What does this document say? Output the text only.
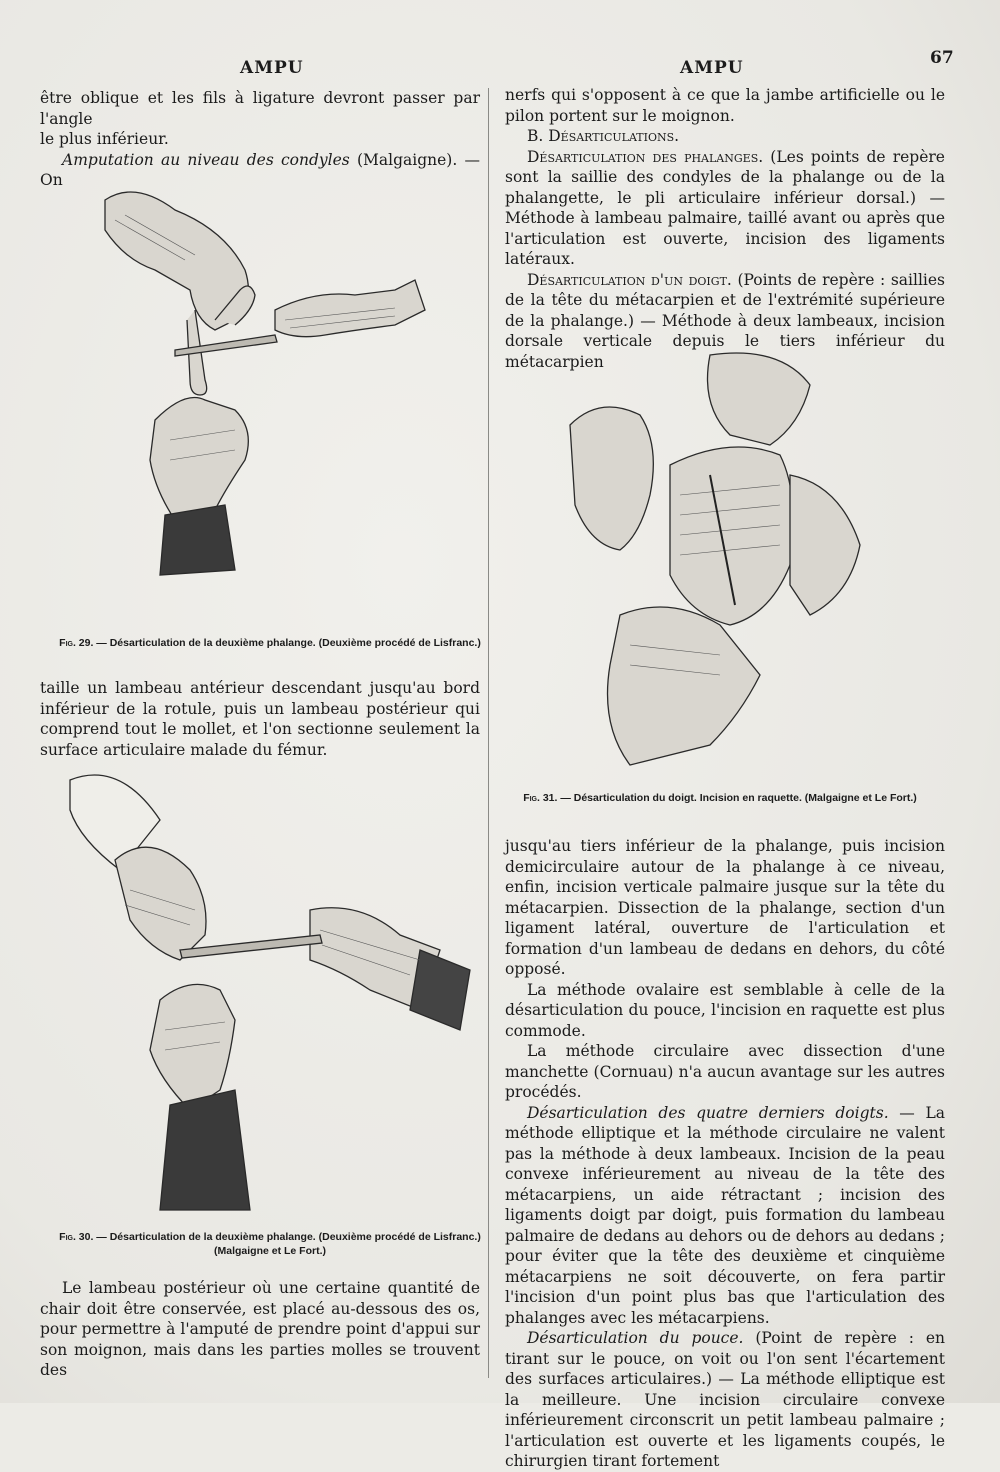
AMPU	AMPU	67

être oblique et les fils à ligature devront passer par l'angle

le plus inférieur.

Amputation au niveau des condyles (Malgaigne). — On

Fig. 29. — Désarticulation de la deuxième phalange. (Deuxième procédé de Lisfranc.)

taille un lambeau antérieur descendant jusqu'au bord inférieur de la rotule, puis un lambeau postérieur qui comprend tout le mollet, et l'on sectionne seulement la surface articulaire malade du fémur.

Fig. 30. — Désarticulation de la deuxième phalange. (Deuxième procédé de Lisfranc.) (Malgaigne et Le Fort.)

Le lambeau postérieur où une certaine quantité de chair doit être conservée, est placé au-dessous des os, pour permettre à l'amputé de prendre point d'appui sur son moignon, mais dans les parties molles se trouvent des

nerfs qui s'opposent à ce que la jambe artificielle ou le pilon portent sur le moignon.

B. Désarticulations.

Désarticulation des phalanges. (Les points de repère sont la saillie des condyles de la phalange ou de la phalangette, le pli articulaire inférieur dorsal.) — Méthode à lambeau palmaire, taillé avant ou après que l'articulation est ouverte, incision des ligaments latéraux.

Désarticulation d'un doigt. (Points de repère : saillies de la tête du métacarpien et de l'extrémité supérieure de la phalange.) — Méthode à deux lambeaux, incision dorsale verticale depuis le tiers inférieur du métacarpien

Fig. 31. — Désarticulation du doigt. Incision en raquette. (Malgaigne et Le Fort.)

jusqu'au tiers inférieur de la phalange, puis incision demicirculaire autour de la phalange à ce niveau, enfin, incision verticale palmaire jusque sur la tête du métacarpien. Dissection de la phalange, section d'un ligament latéral, ouverture de l'articulation et formation d'un lambeau de dedans en dehors, du côté opposé.

La méthode ovalaire est semblable à celle de la désarticulation du pouce, l'incision en raquette est plus commode.

La méthode circulaire avec dissection d'une manchette (Cornuau) n'a aucun avantage sur les autres procédés.

Désarticulation des quatre derniers doigts. — La méthode elliptique et la méthode circulaire ne valent pas la méthode à deux lambeaux. Incision de la peau convexe inférieurement au niveau de la tête des métacarpiens, un aide rétractant ; incision des ligaments doigt par doigt, puis formation du lambeau palmaire de dedans au dehors ou de dehors au dedans ; pour éviter que la tête des deuxième et cinquième métacarpiens ne soit découverte, on fera partir l'incision d'un point plus bas que l'articulation des phalanges avec les métacarpiens.

Désarticulation du pouce. (Point de repère : en tirant sur le pouce, on voit ou l'on sent l'écartement des surfaces articulaires.) — La méthode elliptique est la meilleure. Une incision circulaire convexe inférieurement circonscrit un petit lambeau palmaire ; l'articulation est ouverte et les ligaments coupés, le chirurgien tirant fortement
